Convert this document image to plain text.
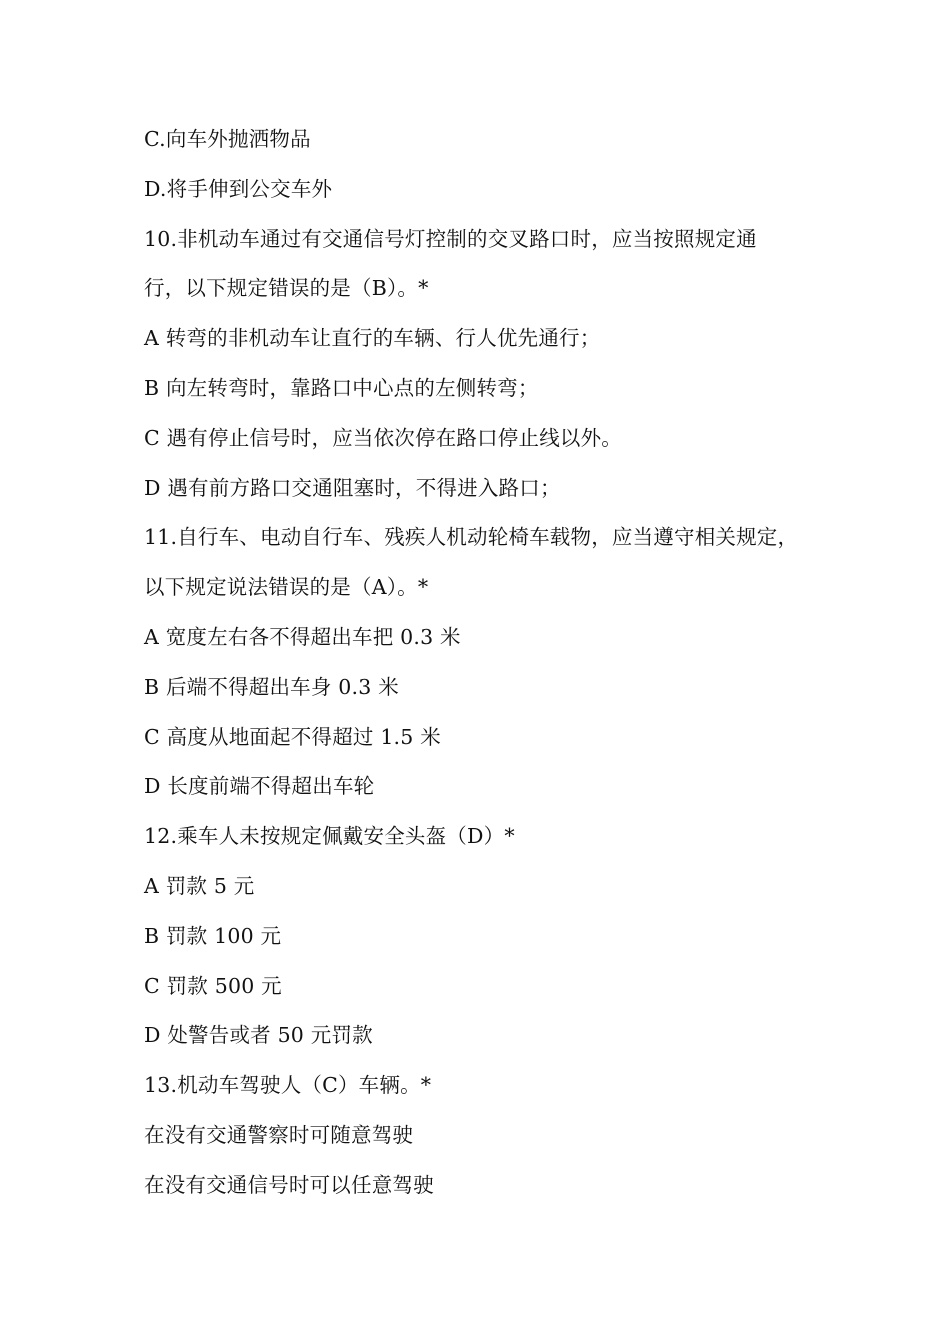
C.向车外抛洒物品
D.将手伸到公交车外
10.非机动车通过有交通信号灯控制的交叉路口时，应当按照规定通
行，以下规定错误的是（B）。*
A 转弯的非机动车让直行的车辆、行人优先通行；
B 向左转弯时，靠路口中心点的左侧转弯；
C 遇有停止信号时，应当依次停在路口停止线以外。
D 遇有前方路口交通阻塞时，不得进入路口；
11.自行车、电动自行车、残疾人机动轮椅车载物，应当遵守相关规定，
以下规定说法错误的是（A）。*
A 宽度左右各不得超出车把 0.3 米
B 后端不得超出车身 0.3 米
C 高度从地面起不得超过 1.5 米
D 长度前端不得超出车轮
12.乘车人未按规定佩戴安全头盔（D）*
A 罚款 5 元
B 罚款 100 元
C 罚款 500 元
D 处警告或者 50 元罚款
13.机动车驾驶人（C）车辆。*
在没有交通警察时可随意驾驶
在没有交通信号时可以任意驾驶
